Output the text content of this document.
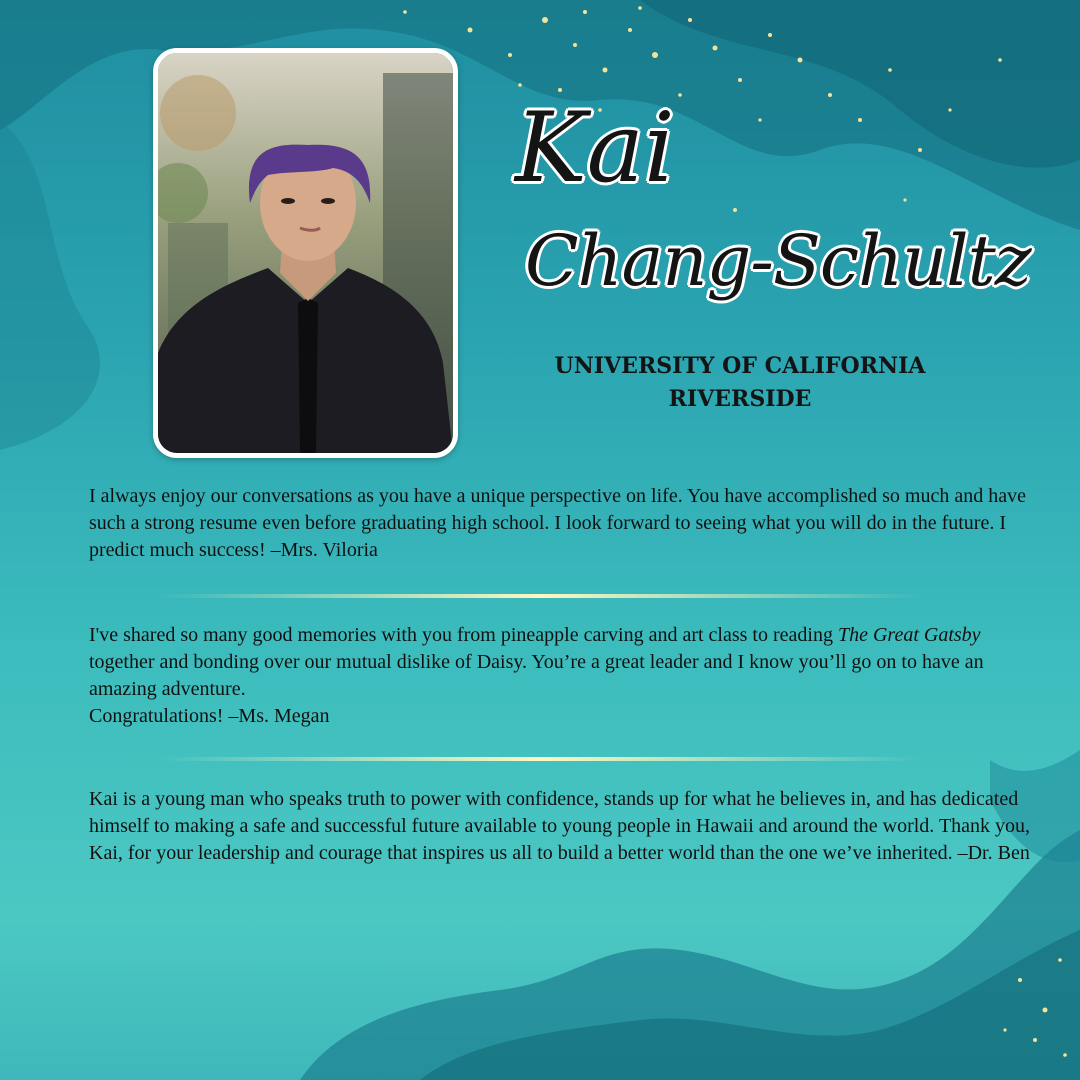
Kai
Chang-Schultz
UNIVERSITY OF CALIFORNIA
RIVERSIDE

I always enjoy our conversations as you have a unique perspective on life. You have accomplished so much and have such a strong resume even before graduating high school. I look forward to seeing what you will do in the future. I predict much success! –Mrs. Viloria

I've shared so many good memories with you from pineapple carving and art class to reading The Great Gatsby together and bonding over our mutual dislike of Daisy. You’re a great leader and I know you’ll go on to have an amazing adventure.
Congratulations! –Ms. Megan

Kai is a young man who speaks truth to power with confidence, stands up for what he believes in, and has dedicated himself to making a safe and successful future available to young people in Hawaii and around the world. Thank you, Kai, for your leadership and courage that inspires us all to build a better world than the one we’ve inherited. –Dr. Ben
